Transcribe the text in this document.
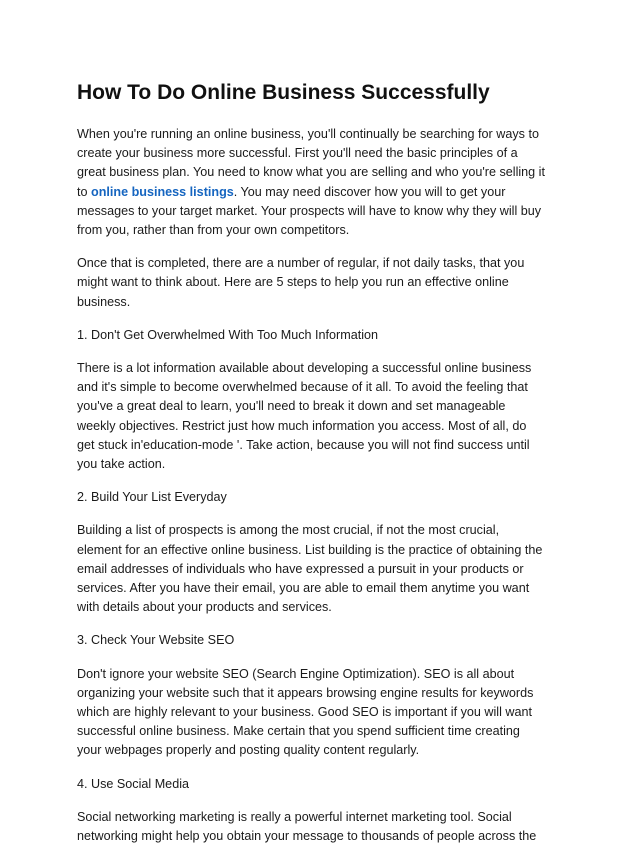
How To Do Online Business Successfully

When you're running an online business, you'll continually be searching for ways to create your business more successful. First you'll need the basic principles of a great business plan. You need to know what you are selling and who you're selling it to online business listings. You may need discover how you will to get your messages to your target market. Your prospects will have to know why they will buy from you, rather than from your own competitors.

Once that is completed, there are a number of regular, if not daily tasks, that you might want to think about. Here are 5 steps to help you run an effective online business.

1. Don't Get Overwhelmed With Too Much Information

There is a lot information available about developing a successful online business and it's simple to become overwhelmed because of it all. To avoid the feeling that you've a great deal to learn, you'll need to break it down and set manageable weekly objectives. Restrict just how much information you access. Most of all, do get stuck in'education-mode '. Take action, because you will not find success until you take action.

2. Build Your List Everyday

Building a list of prospects is among the most crucial, if not the most crucial, element for an effective online business. List building is the practice of obtaining the email addresses of individuals who have expressed a pursuit in your products or services. After you have their email, you are able to email them anytime you want with details about your products and services.

3. Check Your Website SEO

Don't ignore your website SEO (Search Engine Optimization). SEO is all about organizing your website such that it appears browsing engine results for keywords which are highly relevant to your business. Good SEO is important if you will want successful online business. Make certain that you spend sufficient time creating your webpages properly and posting quality content regularly.

4. Use Social Media

Social networking marketing is really a powerful internet marketing tool. Social networking might help you obtain your message to thousands of people across the
